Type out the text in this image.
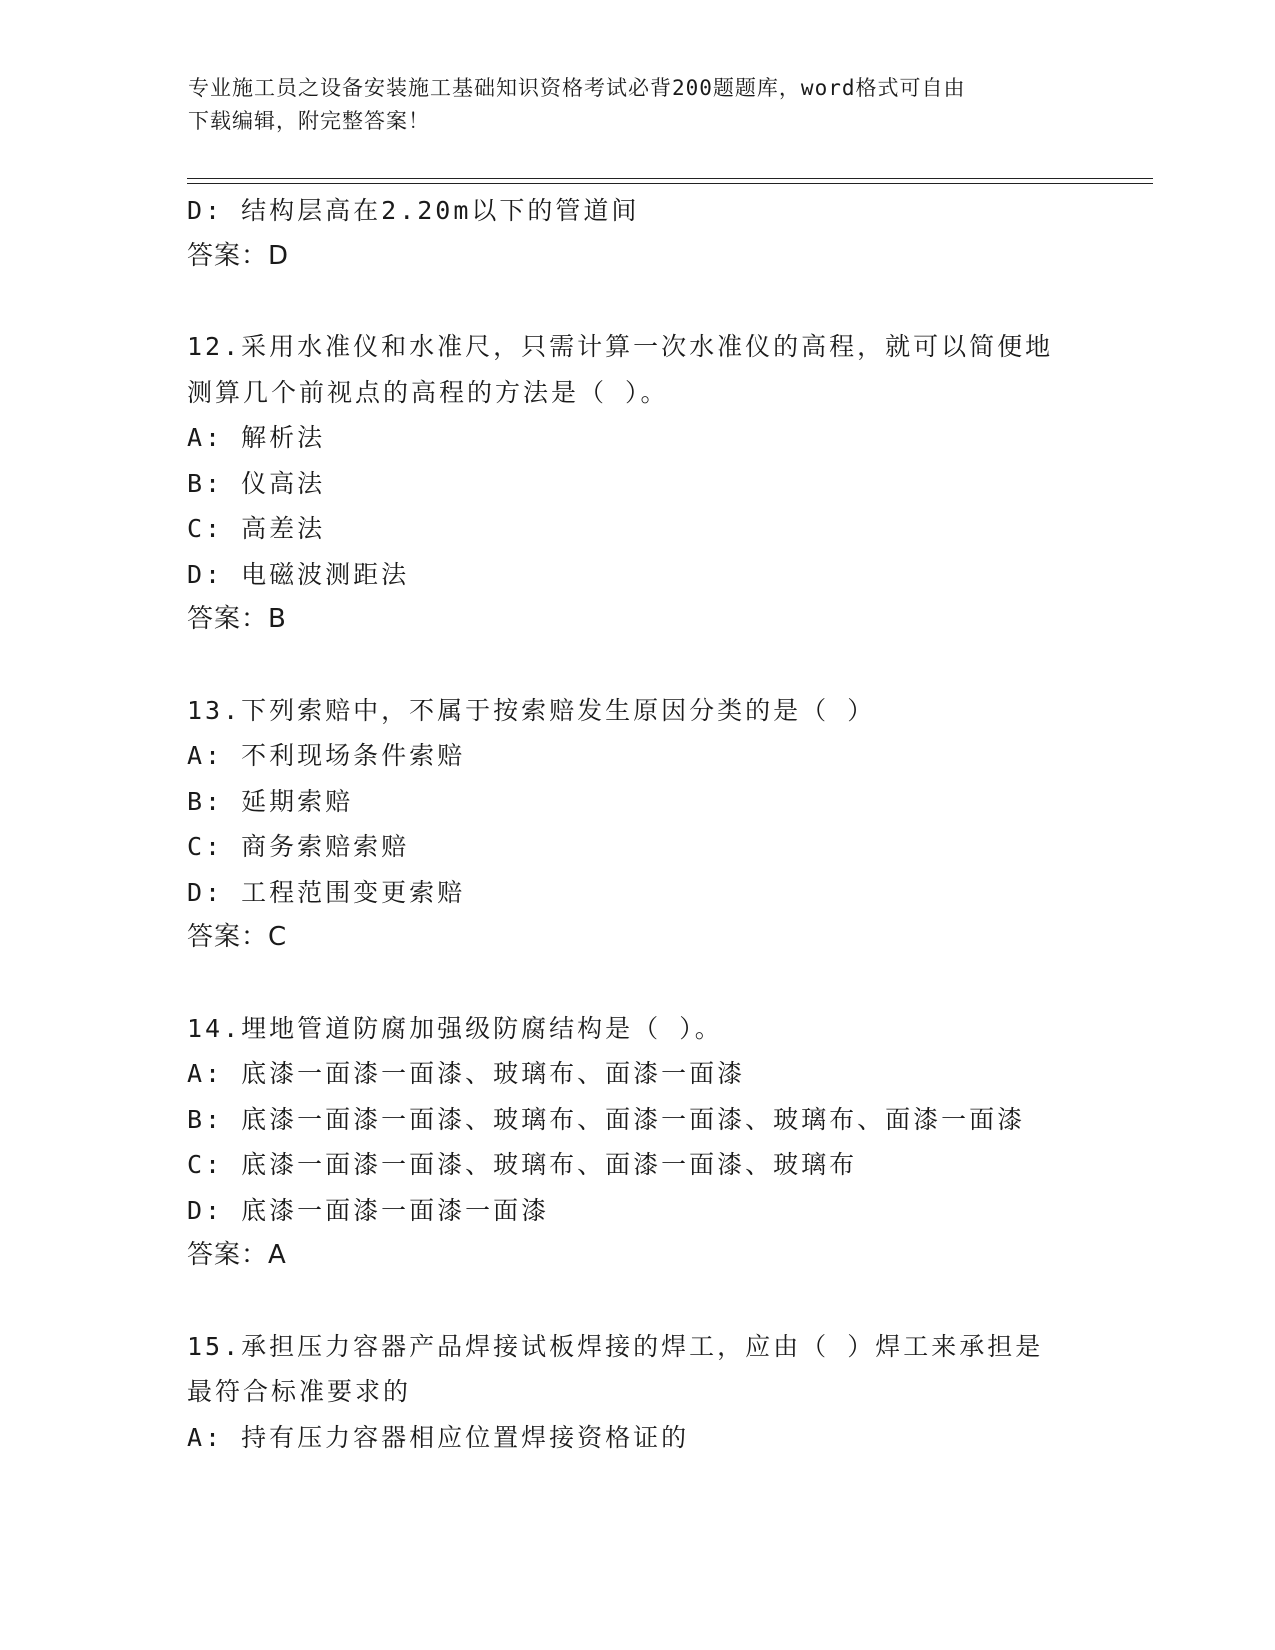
专业施工员之设备安装施工基础知识资格考试必背200题题库，word格式可自由
下载编辑，附完整答案！
D: 结构层高在2.20m以下的管道间
答案：D
12.采用水准仪和水准尺，只需计算一次水准仪的高程，就可以简便地
测算几个前视点的高程的方法是（ ）。
A: 解析法
B: 仪高法
C: 高差法
D: 电磁波测距法
答案：B
13.下列索赔中，不属于按索赔发生原因分类的是（ ）
A: 不利现场条件索赔
B: 延期索赔
C: 商务索赔索赔
D: 工程范围变更索赔
答案：C
14.埋地管道防腐加强级防腐结构是（ ）。
A: 底漆一面漆一面漆、玻璃布、面漆一面漆
B: 底漆一面漆一面漆、玻璃布、面漆一面漆、玻璃布、面漆一面漆
C: 底漆一面漆一面漆、玻璃布、面漆一面漆、玻璃布
D: 底漆一面漆一面漆一面漆
答案：A
15.承担压力容器产品焊接试板焊接的焊工，应由（ ）焊工来承担是
最符合标准要求的
A: 持有压力容器相应位置焊接资格证的
